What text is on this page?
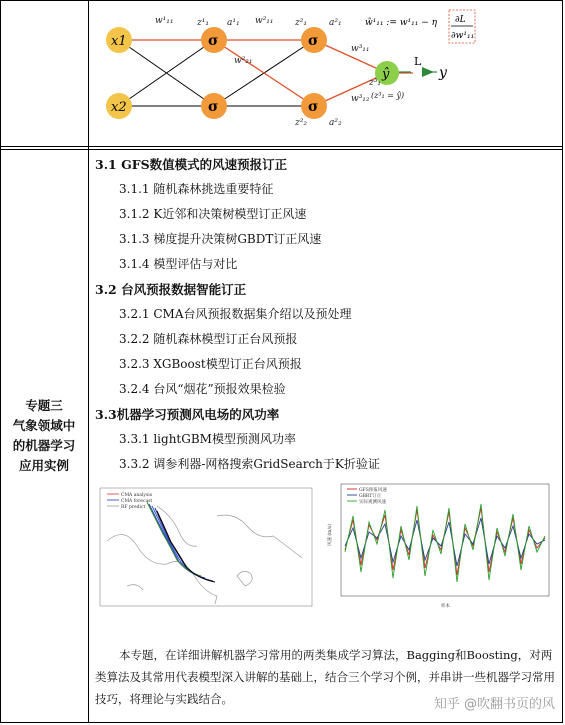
x1
x2
σ
σ
σ
σ
ŷ
w¹₁₁	w²₁₁
w²₂₁
w³₁₁
w³₁₂
z¹₁ a¹₁	z²₁ a²₁
z²₂ a²₂
z³₁
(z³₁ = ŷ)
L
y
ŵ¹₁₁ := w¹₁₁ − η ∂L
∂w¹₁₁
专题三
气象领域中
的机器学习
应用实例
3.1 GFS数值模式的风速预报订正
3.1.1 随机森林挑选重要特征
3.1.2 K近邻和决策树模型订正风速
3.1.3 梯度提升决策树GBDT订正风速
3.1.4 模型评估与对比
3.2 台风预报数据智能订正
3.2.1 CMA台风预报数据集介绍以及预处理
3.2.2 随机森林模型订正台风预报
3.2.3 XGBoost模型订正台风预报
3.2.4 台风“烟花”预报效果检验
3.3机器学习预测风电场的风功率
3.3.1 lightGBM模型预测风功率
3.3.2 调参利器-网格搜索GridSearch于K折验证
CMA analysis
CMA forecast
RF predict
GFS预报风速
GBRT订正
实际观测风速
风速 (m/s)
样本
本专题，在详细讲解机器学习常用的两类集成学习算法，Bagging和Boosting，对两类算法及其常用代表模型深入讲解的基础上，结合三个学习个例，并串讲一些机器学习常用技巧，将理论与实践结合。	知乎 @吹翻书页的风
